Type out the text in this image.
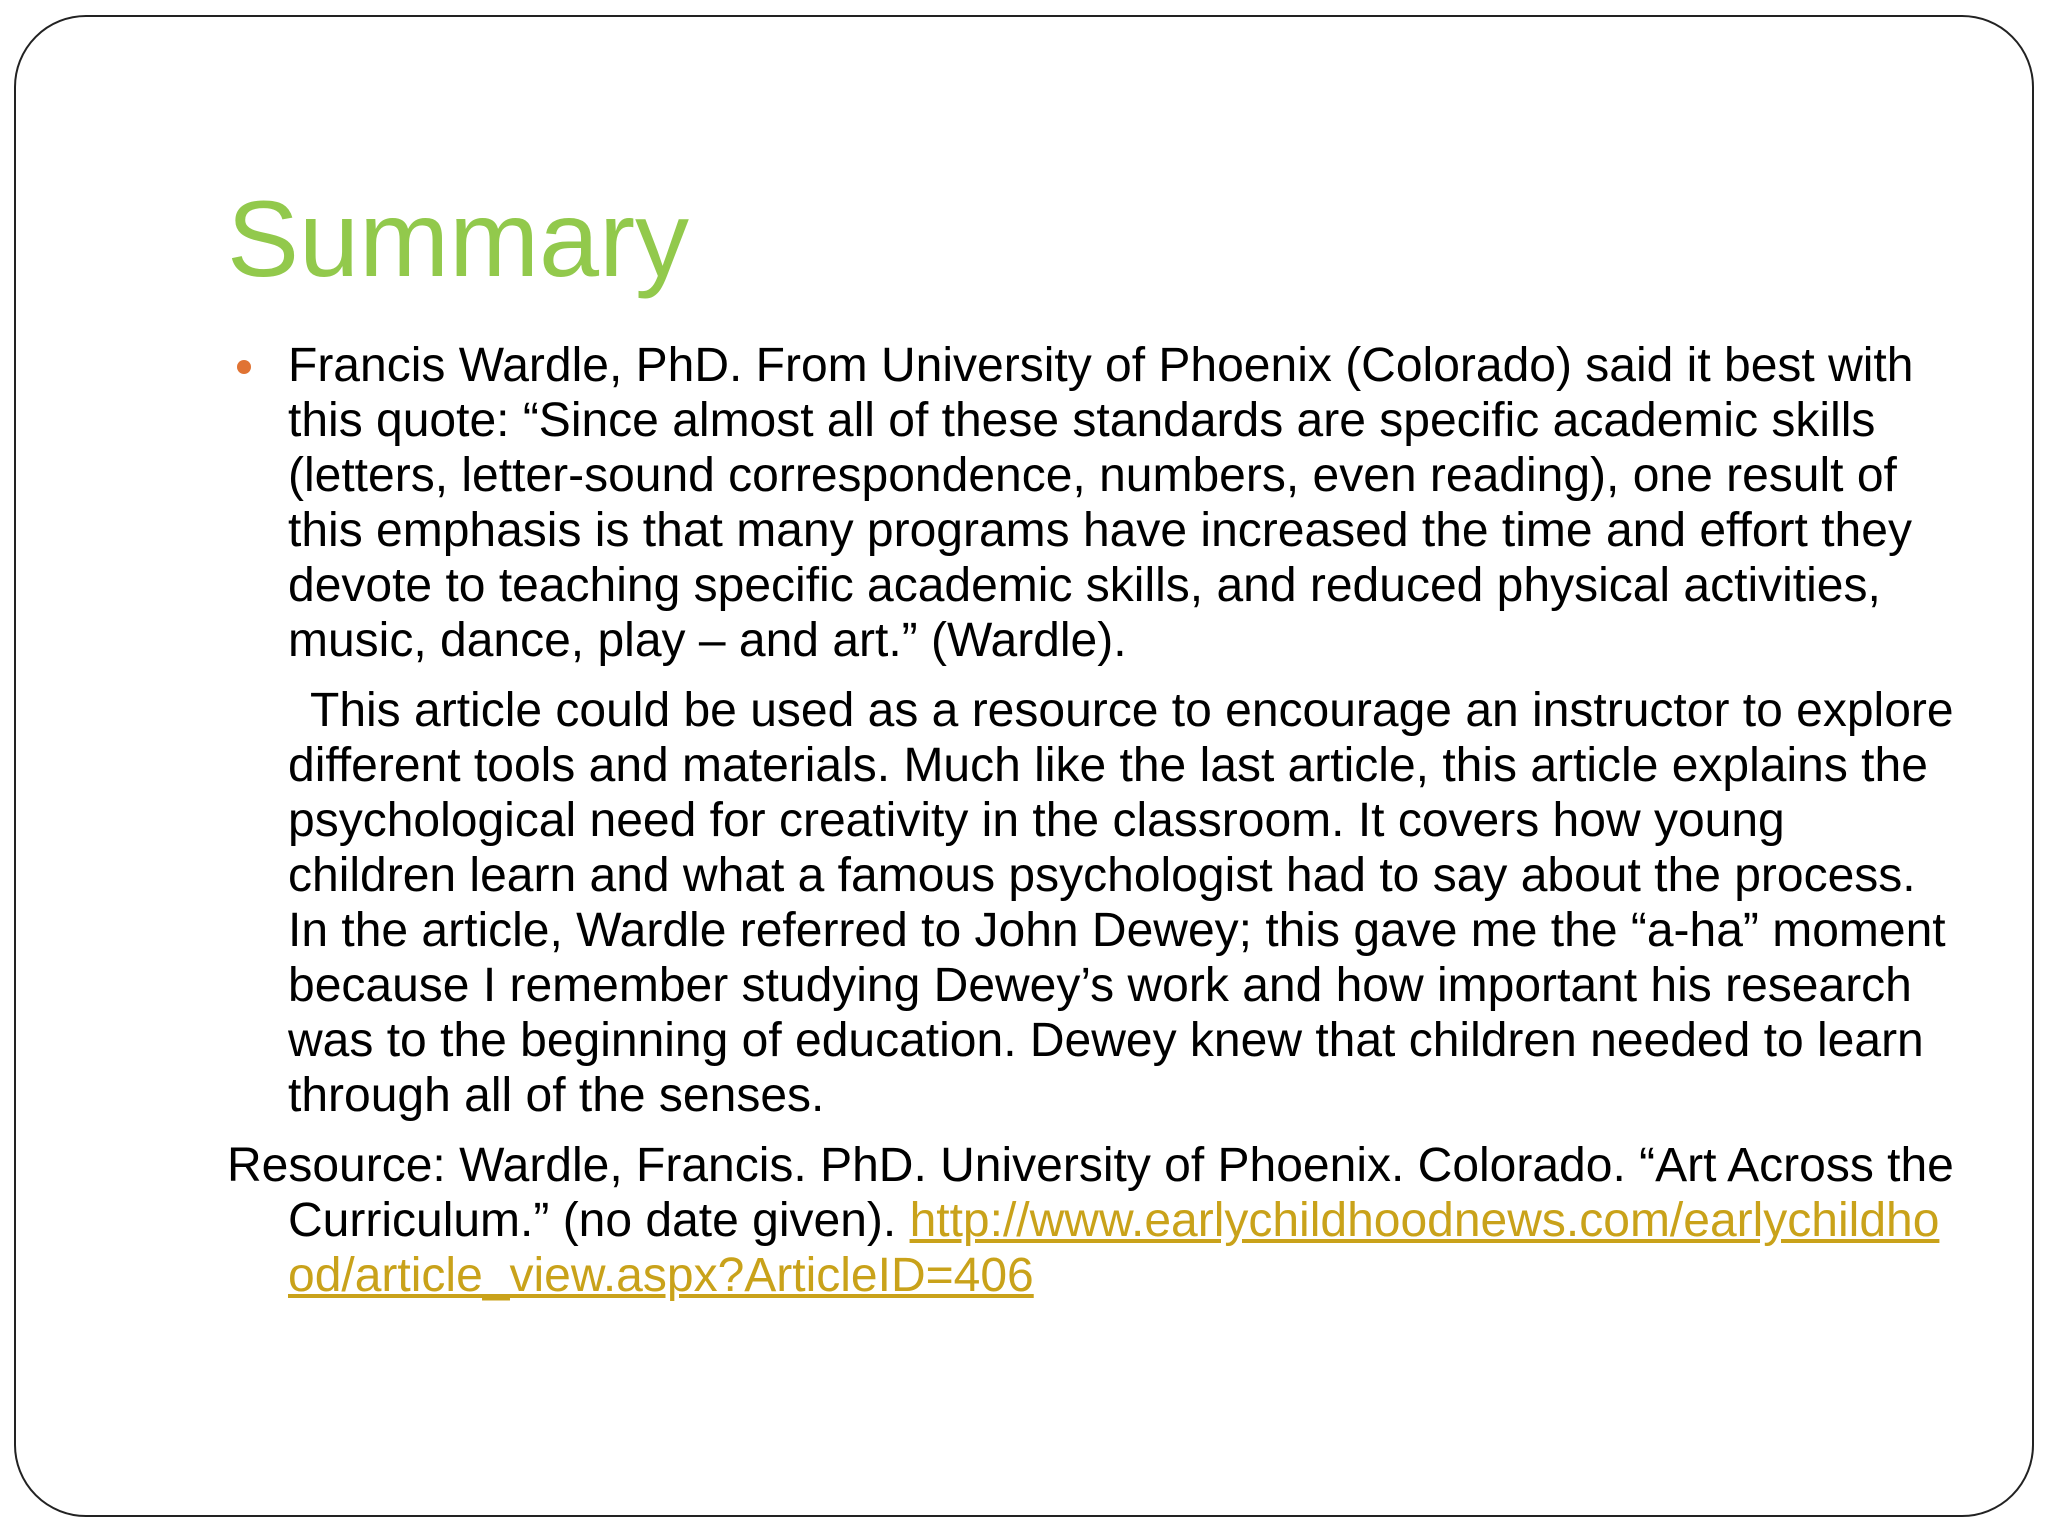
Summary

Francis Wardle, PhD. From University of Phoenix (Colorado) said it best with this quote: “Since almost all of these standards are specific academic skills (letters, letter-sound correspondence, numbers, even reading), one result of this emphasis is that many programs have increased the time and effort they devote to teaching specific academic skills, and reduced physical activities, music, dance, play – and art.” (Wardle).

This article could be used as a resource to encourage an instructor to explore different tools and materials. Much like the last article, this article explains the psychological need for creativity in the classroom. It covers how young children learn and what a famous psychologist had to say about the process. In the article, Wardle referred to John Dewey; this gave me the “a-ha” moment because I remember studying Dewey’s work and how important his research was to the beginning of education. Dewey knew that children needed to learn through all of the senses.

Resource: Wardle, Francis. PhD. University of Phoenix. Colorado. “Art Across the Curriculum.” (no date given). http://www.earlychildhoodnews.com/earlychildhood/article_view.aspx?ArticleID=406
